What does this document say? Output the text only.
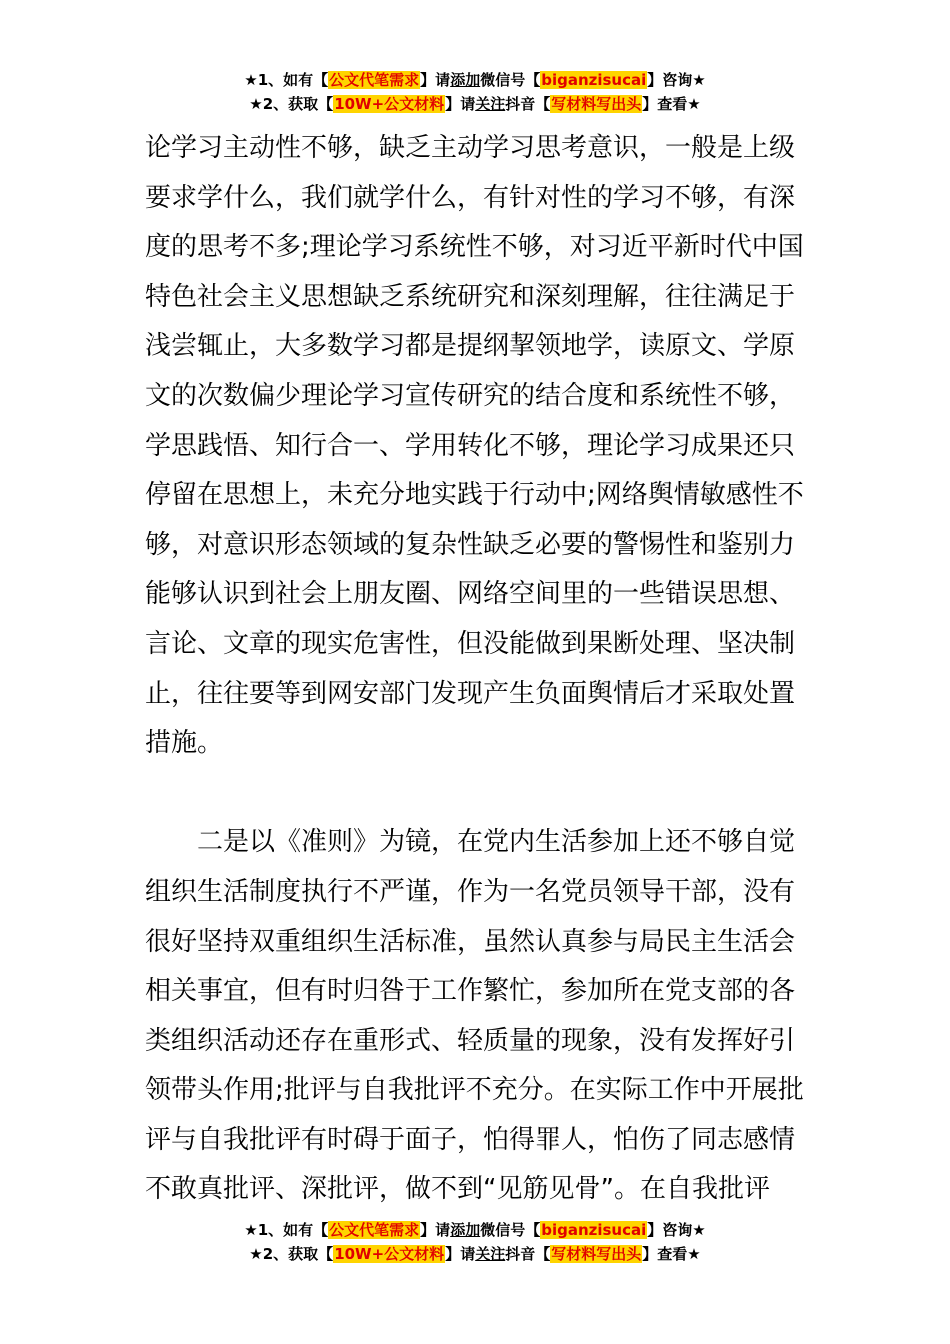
★1、如有【公文代笔需求】请添加微信号【biganzisucai】咨询★
★2、获取【10W+公文材料】请关注抖音【写材料写出头】查看★
论学习主动性不够，缺乏主动学习思考意识，一般是上级
要求学什么，我们就学什么，有针对性的学习不够，有深
度的思考不多;理论学习系统性不够，对习近平新时代中国
特色社会主义思想缺乏系统研究和深刻理解，往往满足于
浅尝辄止，大多数学习都是提纲挈领地学，读原文、学原
文的次数偏少理论学习宣传研究的结合度和系统性不够，
学思践悟、知行合一、学用转化不够，理论学习成果还只
停留在思想上，未充分地实践于行动中;网络舆情敏感性不
够，对意识形态领域的复杂性缺乏必要的警惕性和鉴别力
能够认识到社会上朋友圈、网络空间里的一些错误思想、
言论、文章的现实危害性，但没能做到果断处理、坚决制
止，往往要等到网安部门发现产生负面舆情后才采取处置
措施。
二是以《准则》为镜，在党内生活参加上还不够自觉
组织生活制度执行不严谨，作为一名党员领导干部，没有
很好坚持双重组织生活标准，虽然认真参与局民主生活会
相关事宜，但有时归咎于工作繁忙，参加所在党支部的各
类组织活动还存在重形式、轻质量的现象，没有发挥好引
领带头作用;批评与自我批评不充分。在实际工作中开展批
评与自我批评有时碍于面子，怕得罪人，怕伤了同志感情
不敢真批评、深批评，做不到“见筋见骨”。在自我批评
★1、如有【公文代笔需求】请添加微信号【biganzisucai】咨询★
★2、获取【10W+公文材料】请关注抖音【写材料写出头】查看★
